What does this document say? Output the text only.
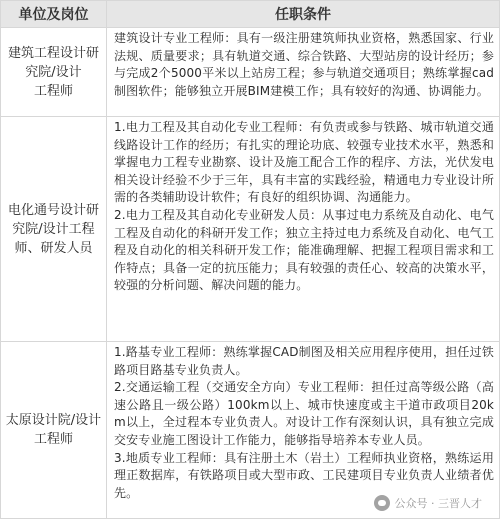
单位及岗位	任职条件
建筑工程设计研
究院/设计
工程师

建筑设计专业工程师：具有一级注册建筑师执业资格，熟悉国家、行业法规、质量要求；具有轨道交通、综合铁路、大型站房的设计经历；参与完成2个5000平米以上站房工程；参与轨道交通项目；熟练掌握cad制图软件；能够独立开展BIM建模工作；具有较好的沟通、协调能力。

电化通号设计研
究院/设计工程
师、研发人员

1.电力工程及其自动化专业工程师：有负责或参与铁路、城市轨道交通线路设计工作的经历；有扎实的理论功底、较强专业技术水平，熟悉和掌握电力工程专业勘察、设计及施工配合工作的程序、方法，光伏发电相关设计经验不少于三年，具有丰富的实践经验，精通电力专业设计所需的各类辅助设计软件；有良好的组织协调、沟通能力。

2.电力工程及其自动化专业研发人员：从事过电力系统及自动化、电气工程及自动化的科研开发工作；独立主持过电力系统及自动化、电气工程及自动化的相关科研开发工作；能准确理解、把握工程项目需求和工作特点；具备一定的抗压能力；具有较强的责任心、较高的决策水平，较强的分析问题、解决问题的能力。

太原设计院/设计
工程师

1.路基专业工程师：熟练掌握CAD制图及相关应用程序使用，担任过铁路项目路基专业负责人。

2.交通运输工程（交通安全方向）专业工程师：担任过高等级公路（高速公路且一级公路）100km以上、城市快速度或主干道市政项目20km以上，全过程本专业负责人。对设计工作有深刻认识，具有独立完成交安专业施工图设计工作能力，能够指导培养本专业人员。

3.地质专业工程师：具有注册土木（岩土）工程师执业资格，熟练运用理正数据库，有铁路项目或大型市政、工民建项目专业负责人业绩者优先。

公众号 · 三晋人才
